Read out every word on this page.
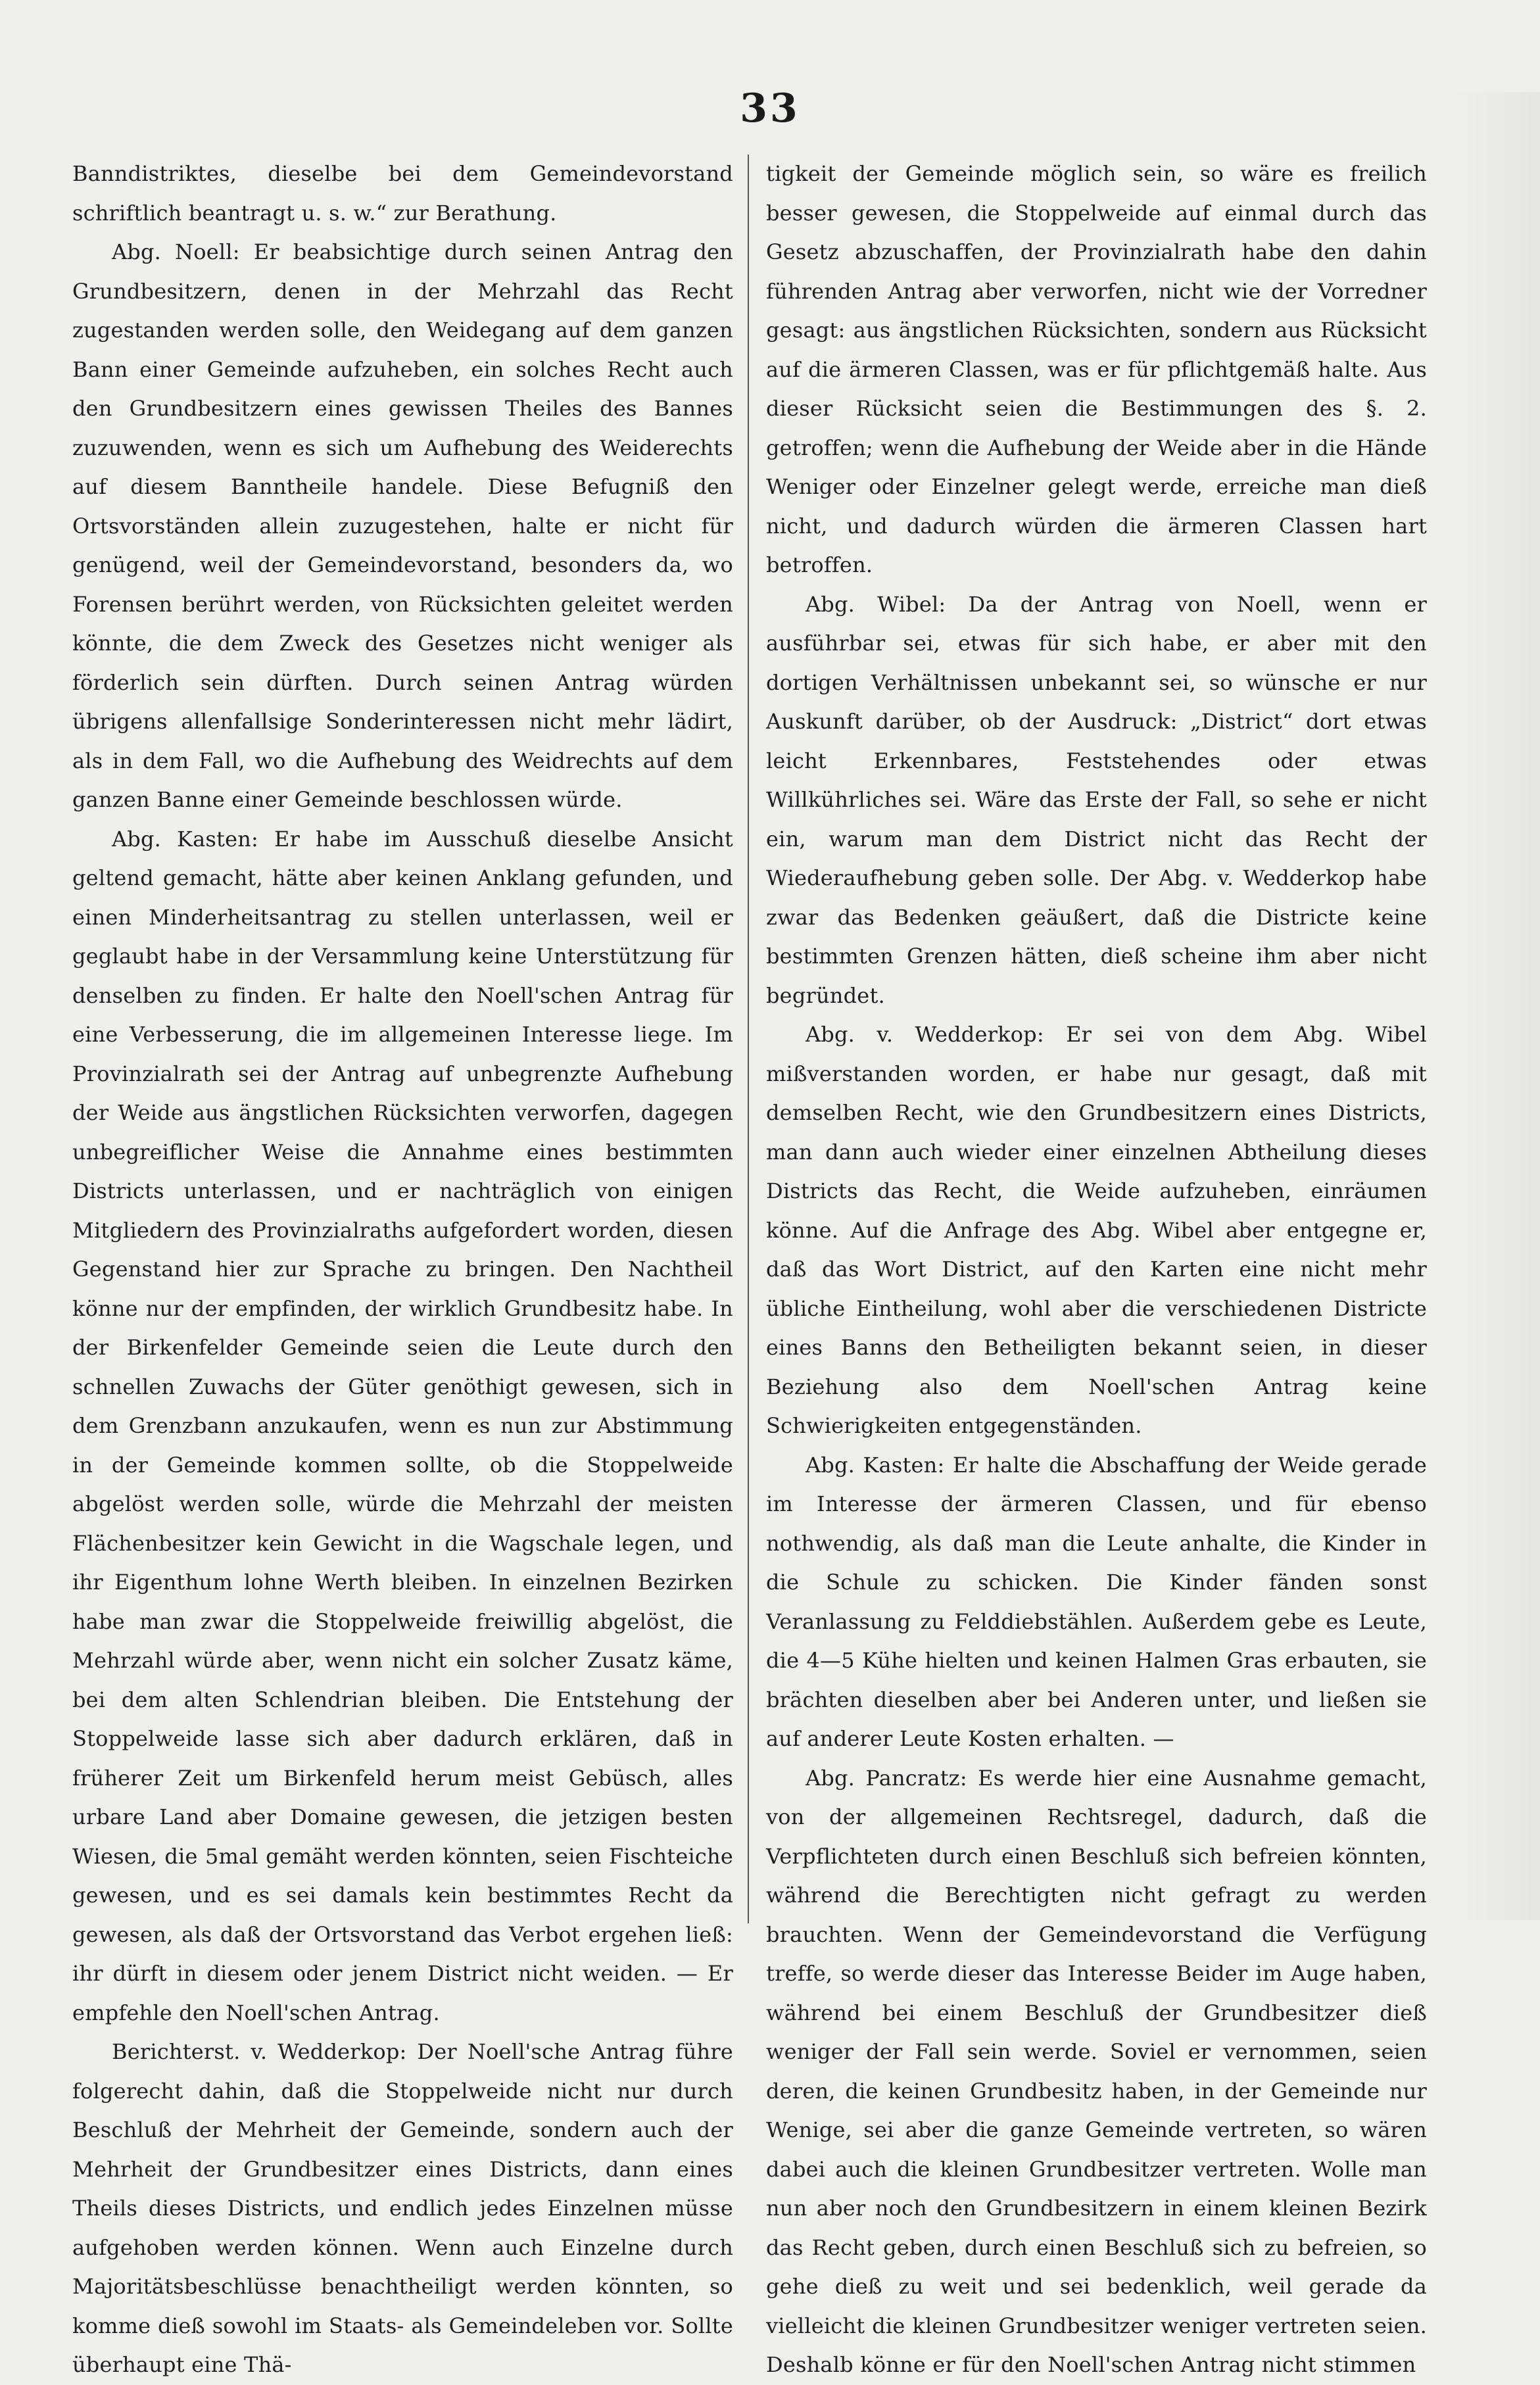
33

Banndistriktes, dieselbe bei dem Gemeindevorstand schriftlich beantragt u. s. w.“ zur Berathung.

Abg. Noell: Er beabsichtige durch seinen Antrag den Grundbesitzern, denen in der Mehrzahl das Recht zugestanden werden solle, den Weidegang auf dem ganzen Bann einer Gemeinde aufzuheben, ein solches Recht auch den Grundbesitzern eines gewissen Theiles des Bannes zuzuwenden, wenn es sich um Aufhebung des Weiderechts auf diesem Banntheile handele. Diese Befugniß den Ortsvorständen allein zuzugestehen, halte er nicht für genügend, weil der Gemeindevorstand, besonders da, wo Forensen berührt werden, von Rücksichten geleitet werden könnte, die dem Zweck des Gesetzes nicht weniger als förderlich sein dürften. Durch seinen Antrag würden übrigens allenfallsige Sonderinteressen nicht mehr lädirt, als in dem Fall, wo die Aufhebung des Weidrechts auf dem ganzen Banne einer Gemeinde beschlossen würde.

Abg. Kasten: Er habe im Ausschuß dieselbe Ansicht geltend gemacht, hätte aber keinen Anklang gefunden, und einen Minderheitsantrag zu stellen unterlassen, weil er geglaubt habe in der Versammlung keine Unterstützung für denselben zu finden. Er halte den Noell'schen Antrag für eine Verbesserung, die im allgemeinen Interesse liege. Im Provinzialrath sei der Antrag auf unbegrenzte Aufhebung der Weide aus ängstlichen Rücksichten verworfen, dagegen unbegreiflicher Weise die Annahme eines bestimmten Districts unterlassen, und er nachträglich von einigen Mitgliedern des Provinzialraths aufgefordert worden, diesen Gegenstand hier zur Sprache zu bringen. Den Nachtheil könne nur der empfinden, der wirklich Grundbesitz habe. In der Birkenfelder Gemeinde seien die Leute durch den schnellen Zuwachs der Güter genöthigt gewesen, sich in dem Grenzbann anzukaufen, wenn es nun zur Abstimmung in der Gemeinde kommen sollte, ob die Stoppelweide abgelöst werden solle, würde die Mehrzahl der meisten Flächenbesitzer kein Gewicht in die Wagschale legen, und ihr Eigenthum lohne Werth bleiben. In einzelnen Bezirken habe man zwar die Stoppelweide freiwillig abgelöst, die Mehrzahl würde aber, wenn nicht ein solcher Zusatz käme, bei dem alten Schlendrian bleiben. Die Entstehung der Stoppelweide lasse sich aber dadurch erklären, daß in früherer Zeit um Birkenfeld herum meist Gebüsch, alles urbare Land aber Domaine gewesen, die jetzigen besten Wiesen, die 5mal gemäht werden könnten, seien Fischteiche gewesen, und es sei damals kein bestimmtes Recht da gewesen, als daß der Ortsvorstand das Verbot ergehen ließ: ihr dürft in diesem oder jenem District nicht weiden. — Er empfehle den Noell'schen Antrag.

Berichterst. v. Wedderkop: Der Noell'sche Antrag führe folgerecht dahin, daß die Stoppelweide nicht nur durch Beschluß der Mehrheit der Gemeinde, sondern auch der Mehrheit der Grundbesitzer eines Districts, dann eines Theils dieses Districts, und endlich jedes Einzelnen müsse aufgehoben werden können. Wenn auch Einzelne durch Majoritätsbeschlüsse benachtheiligt werden könnten, so komme dieß sowohl im Staats- als Gemeindeleben vor. Sollte überhaupt eine Thä-

tigkeit der Gemeinde möglich sein, so wäre es freilich besser gewesen, die Stoppelweide auf einmal durch das Gesetz abzuschaffen, der Provinzialrath habe den dahin führenden Antrag aber verworfen, nicht wie der Vorredner gesagt: aus ängstlichen Rücksichten, sondern aus Rücksicht auf die ärmeren Classen, was er für pflichtgemäß halte. Aus dieser Rücksicht seien die Bestimmungen des §. 2. getroffen; wenn die Aufhebung der Weide aber in die Hände Weniger oder Einzelner gelegt werde, erreiche man dieß nicht, und dadurch würden die ärmeren Classen hart betroffen.

Abg. Wibel: Da der Antrag von Noell, wenn er ausführbar sei, etwas für sich habe, er aber mit den dortigen Verhältnissen unbekannt sei, so wünsche er nur Auskunft darüber, ob der Ausdruck: „District“ dort etwas leicht Erkennbares, Feststehendes oder etwas Willkührliches sei. Wäre das Erste der Fall, so sehe er nicht ein, warum man dem District nicht das Recht der Wiederaufhebung geben solle. Der Abg. v. Wedderkop habe zwar das Bedenken geäußert, daß die Districte keine bestimmten Grenzen hätten, dieß scheine ihm aber nicht begründet.

Abg. v. Wedderkop: Er sei von dem Abg. Wibel mißverstanden worden, er habe nur gesagt, daß mit demselben Recht, wie den Grundbesitzern eines Districts, man dann auch wieder einer einzelnen Abtheilung dieses Districts das Recht, die Weide aufzuheben, einräumen könne. Auf die Anfrage des Abg. Wibel aber entgegne er, daß das Wort District, auf den Karten eine nicht mehr übliche Eintheilung, wohl aber die verschiedenen Districte eines Banns den Betheiligten bekannt seien, in dieser Beziehung also dem Noell'schen Antrag keine Schwierigkeiten entgegenständen.

Abg. Kasten: Er halte die Abschaffung der Weide gerade im Interesse der ärmeren Classen, und für ebenso nothwendig, als daß man die Leute anhalte, die Kinder in die Schule zu schicken. Die Kinder fänden sonst Veranlassung zu Felddiebstählen. Außerdem gebe es Leute, die 4—5 Kühe hielten und keinen Halmen Gras erbauten, sie brächten dieselben aber bei Anderen unter, und ließen sie auf anderer Leute Kosten erhalten. —

Abg. Pancratz: Es werde hier eine Ausnahme gemacht, von der allgemeinen Rechtsregel, dadurch, daß die Verpflichteten durch einen Beschluß sich befreien könnten, während die Berechtigten nicht gefragt zu werden brauchten. Wenn der Gemeindevorstand die Verfügung treffe, so werde dieser das Interesse Beider im Auge haben, während bei einem Beschluß der Grundbesitzer dieß weniger der Fall sein werde. Soviel er vernommen, seien deren, die keinen Grundbesitz haben, in der Gemeinde nur Wenige, sei aber die ganze Gemeinde vertreten, so wären dabei auch die kleinen Grundbesitzer vertreten. Wolle man nun aber noch den Grundbesitzern in einem kleinen Bezirk das Recht geben, durch einen Beschluß sich zu befreien, so gehe dieß zu weit und sei bedenklich, weil gerade da vielleicht die kleinen Grundbesitzer weniger vertreten seien. Deshalb könne er für den Noell'schen Antrag nicht stimmen
